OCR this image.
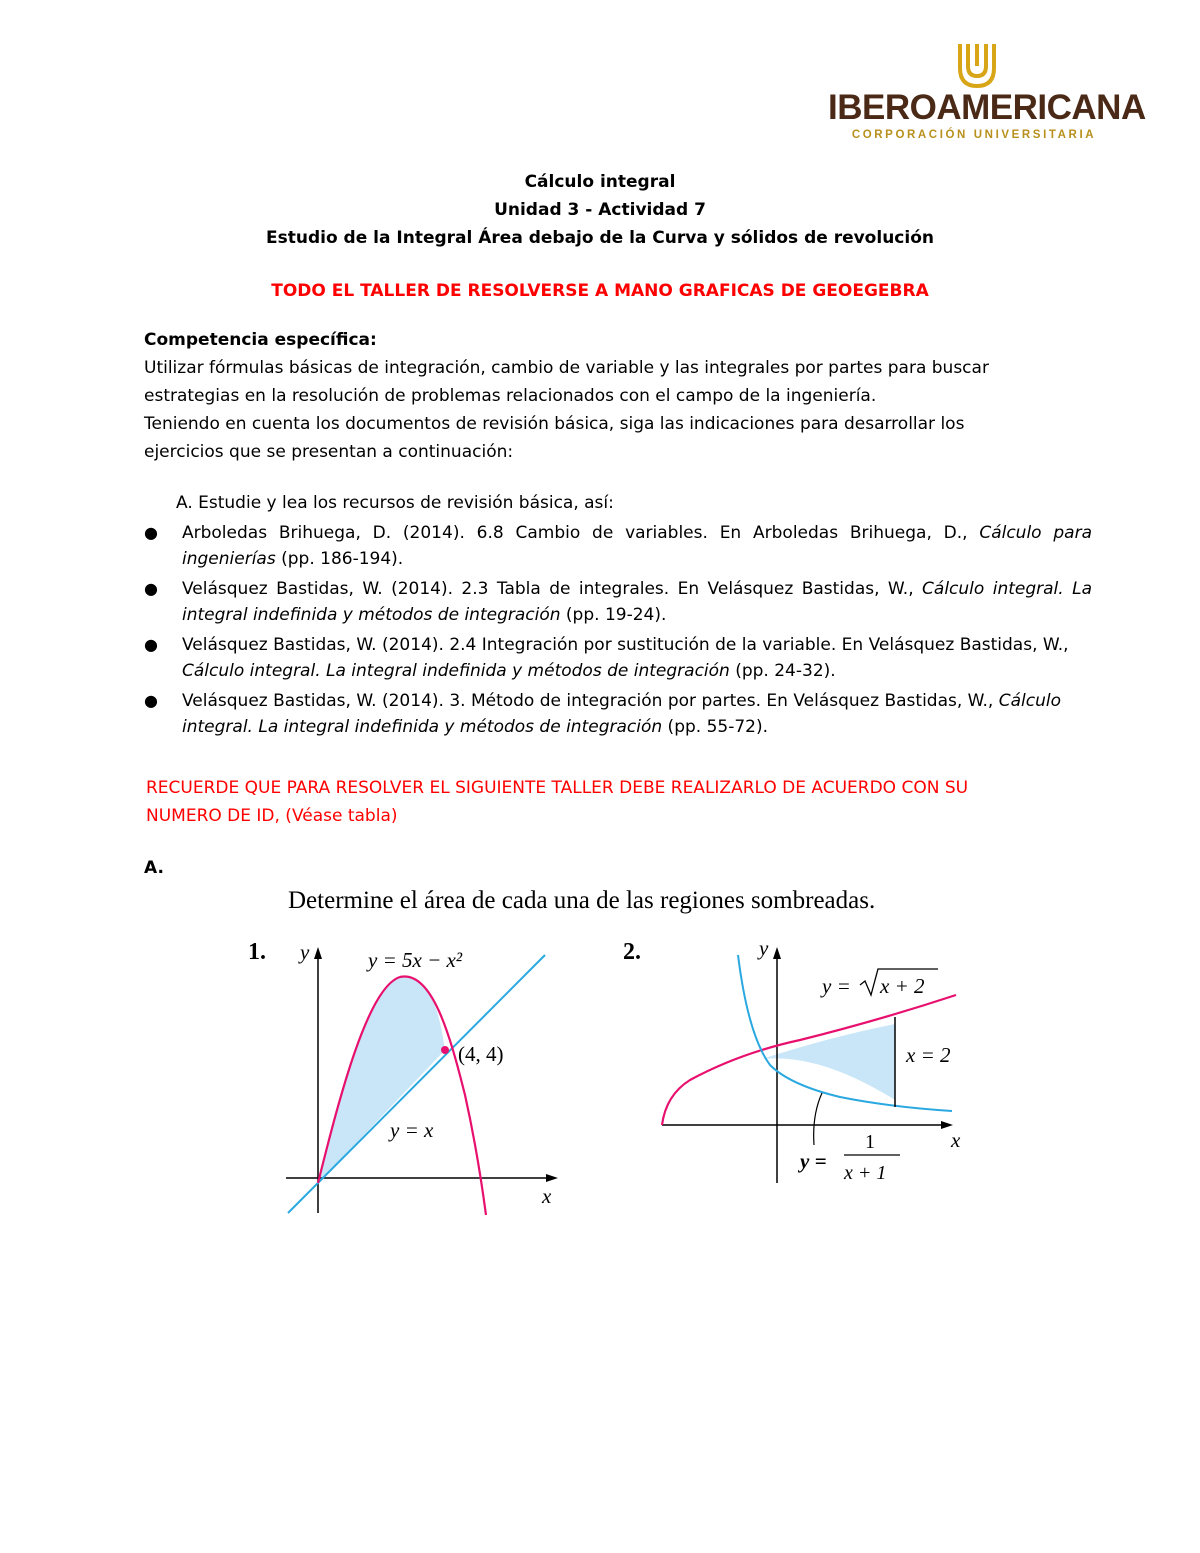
IBEROAMERICANA
CORPORACIÓN UNIVERSITARIA
Cálculo integral
Unidad 3 - Actividad 7
Estudio de la Integral Área debajo de la Curva y sólidos de revolución
TODO EL TALLER DE RESOLVERSE A MANO GRAFICAS DE GEOEGEBRA
Competencia específica:
Utilizar fórmulas básicas de integración, cambio de variable y las integrales por partes para buscar
estrategias en la resolución de problemas relacionados con el campo de la ingeniería.
Teniendo en cuenta los documentos de revisión básica, siga las indicaciones para desarrollar los
ejercicios que se presentan a continuación:
A. Estudie y lea los recursos de revisión básica, así:
● Arboledas Brihuega, D. (2014). 6.8 Cambio de variables. En Arboledas Brihuega, D., Cálculo para ingenierías (pp. 186-194).
● Velásquez Bastidas, W. (2014). 2.3 Tabla de integrales. En Velásquez Bastidas, W., Cálculo integral. La integral indefinida y métodos de integración (pp. 19-24).
● Velásquez Bastidas, W. (2014). 2.4 Integración por sustitución de la variable. En Velásquez Bastidas, W., Cálculo integral. La integral indefinida y métodos de integración (pp. 24-32).
● Velásquez Bastidas, W. (2014). 3. Método de integración por partes. En Velásquez Bastidas, W., Cálculo integral. La integral indefinida y métodos de integración (pp. 55-72).
RECUERDE QUE PARA RESOLVER EL SIGUIENTE TALLER DEBE REALIZARLO DE ACUERDO CON SU
NUMERO DE ID, (Véase tabla)
A.
Determine el área de cada una de las regiones sombreadas.
1. y
x
y = 5x − x²
(4, 4)
y = x
2.	y
x
y = x + 2
x = 2
y =
1
x + 1
